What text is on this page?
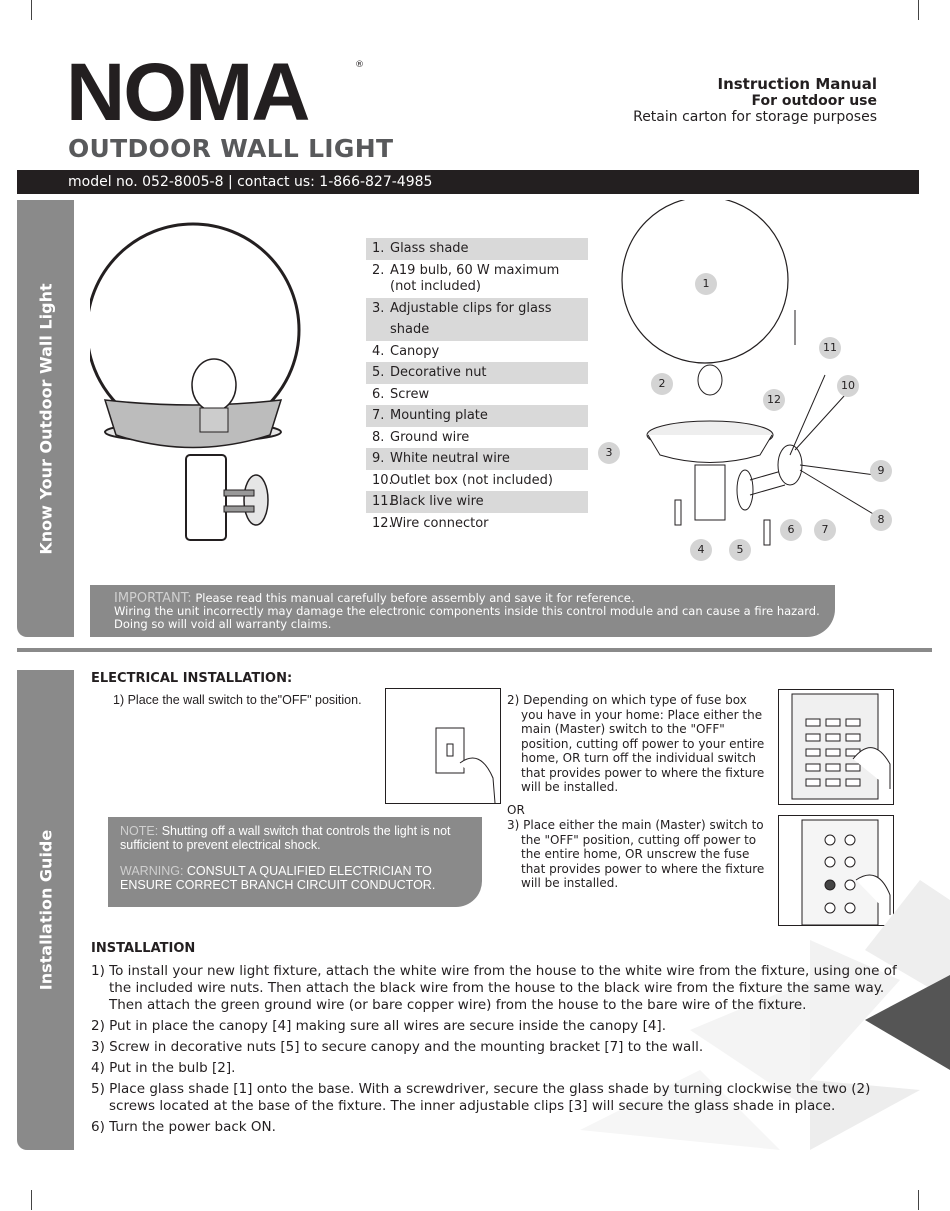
NOMA	®
OUTDOOR WALL LIGHT
Instruction Manual
For outdoor use
Retain carton for storage purposes
model no. 052-8005-8 | contact us: 1-866-827-4985
Know Your Outdoor Wall Light
1. Glass shade
2. A19 bulb, 60 W maximum (not included)
3. Adjustable clips for glass shade
4. Canopy
5. Decorative nut
6. Screw
7. Mounting plate
8. Ground wire
9. White neutral wire
10.
Outlet box (not included)
11.
Black live wire
12.
Wire connector
1
2
3
4	5
6	7
8
9
10
11
12
IMPORTANT: Please read this manual carefully before assembly and save it for reference.
Wiring the unit incorrectly may damage the electronic components inside this control module and can cause a fire hazard.
Doing so will void all warranty claims.
Installation Guide
ELECTRICAL INSTALLATION:
1) Place the wall switch to the"OFF" position.	2) Depending on which type of fuse box you have in your home: Place either the main (Master) switch to the "OFF" position, cutting off power to your entire home, OR turn off the individual switch that provides power to where the fixture will be installed.
OR
3) Place either the main (Master) switch to the "OFF" position, cutting off power to the entire home, OR unscrew the fuse that provides power to where the fixture will be installed.
NOTE: Shutting off a wall switch that controls the light is not sufficient to prevent electrical shock.
WARNING: CONSULT A QUALIFIED ELECTRICIAN TO ENSURE CORRECT BRANCH CIRCUIT CONDUCTOR.
INSTALLATION

1) To install your new light fixture, attach the white wire from the house to the white wire from the fixture, using one of the included wire nuts. Then attach the black wire from the house to the black wire from the fixture the same way. Then attach the green ground wire (or bare copper wire) from the house to the bare wire of the fixture.

2) Put in place the canopy [4] making sure all wires are secure inside the canopy [4].

3) Screw in decorative nuts [5] to secure canopy and the mounting bracket [7] to the wall.

4) Put in the bulb [2].

5) Place glass shade [1] onto the base. With a screwdriver, secure the glass shade by turning clockwise the two (2) screws located at the base of the fixture. The inner adjustable clips [3] will secure the glass shade in place.

6) Turn the power back ON.
